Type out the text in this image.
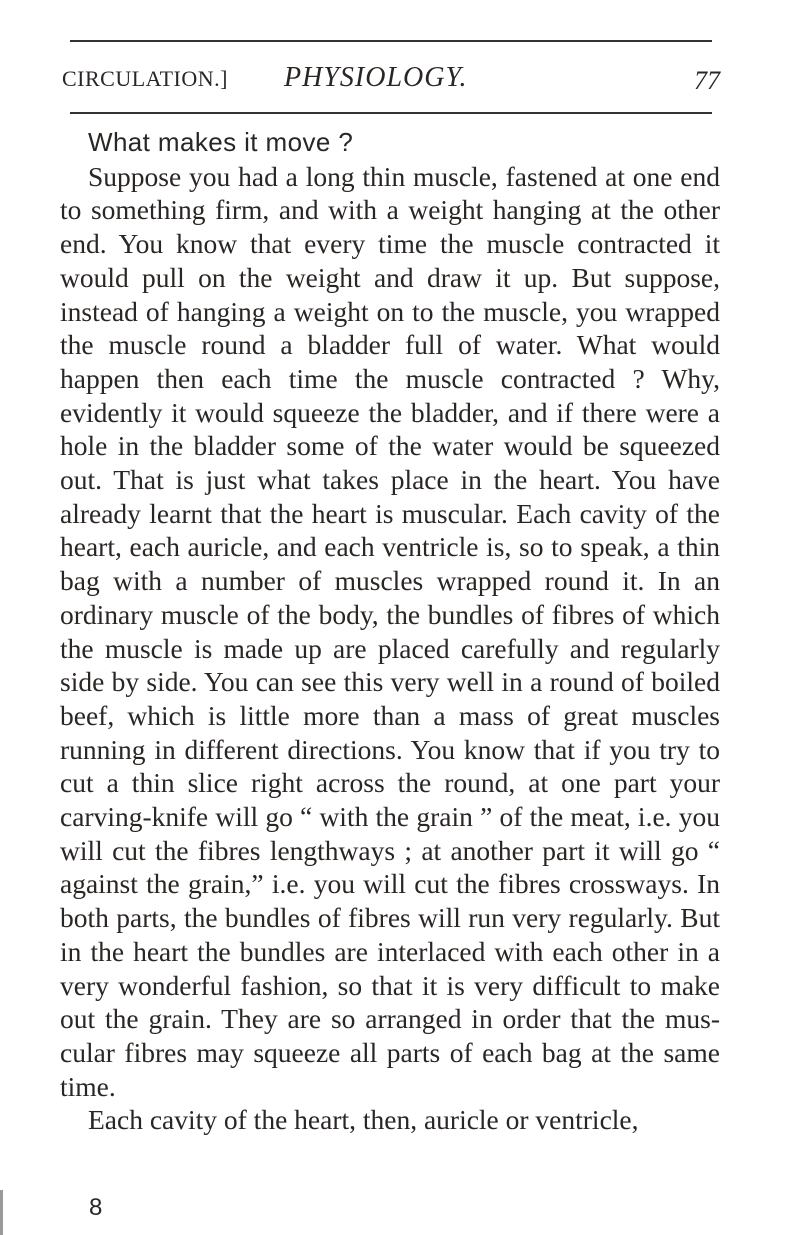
CIRCULATION.] PHYSIOLOGY.	77

What makes it move ?

Suppose you had a long thin muscle, fastened at one end to something firm, and with a weight hanging at the other end. You know that every time the muscle contracted it would pull on the weight and draw it up. But suppose, instead of hanging a weight on to the muscle, you wrapped the muscle round a bladder full of water. What would happen then each time the muscle contracted ? Why, evidently it would squeeze the bladder, and if there were a hole in the bladder some of the water would be squeezed out. That is just what takes place in the heart. You have already learnt that the heart is muscular. Each cavity of the heart, each auricle, and each ventricle is, so to speak, a thin bag with a number of muscles wrapped round it. In an ordinary muscle of the body, the bundles of fibres of which the muscle is made up are placed carefully and regularly side by side. You can see this very well in a round of boiled beef, which is little more than a mass of great muscles running in different directions. You know that if you try to cut a thin slice right across the round, at one part your carving-knife will go “ with the grain ” of the meat, i.e. you will cut the fibres lengthways ; at another part it will go “ against the grain,” i.e. you will cut the fibres crossways. In both parts, the bundles of fibres will run very regularly. But in the heart the bundles are interlaced with each other in a very wonderful fashion, so that it is very difficult to make out the grain. They are so arranged in order that the muscular fibres may squeeze all parts of each bag at the same time.

Each cavity of the heart, then, auricle or ventricle,

8
